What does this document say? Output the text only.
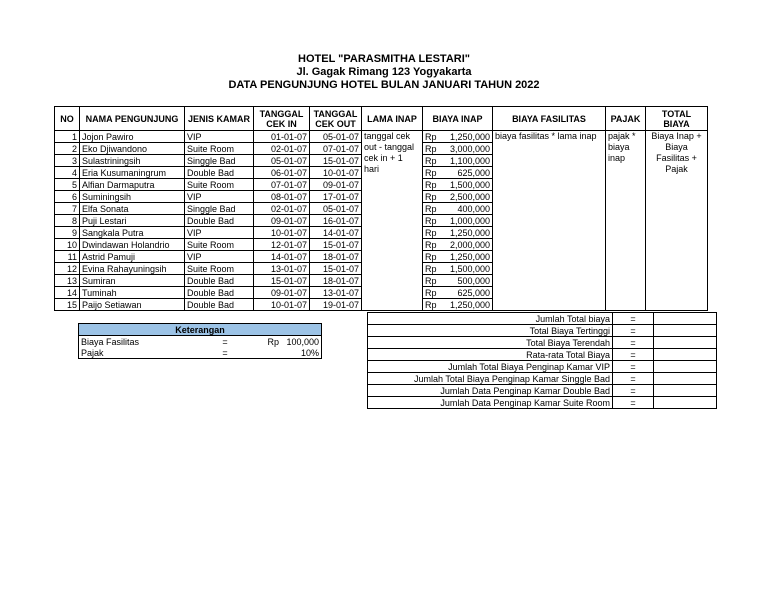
HOTEL "PARASMITHA LESTARI"
Jl. Gagak Rimang 123 Yogyakarta
DATA PENGUNJUNG HOTEL BULAN JANUARI TAHUN 2022
NO	NAMA PENGUNJUNG	JENIS KAMAR	TANGGAL CEK IN	TANGGAL CEK OUT	LAMA INAP	BIAYA INAP		BIAYA FASILITAS	PAJAK	TOTAL BIAYA
1	Jojon Pawiro	VIP	01-01-07	05-01-07	tanggal cek out - tanggal cek in + 1 hari	Rp	1,250,000	biaya fasilitas * lama inap	pajak * biaya inap	Biaya Inap + Biaya Fasilitas + Pajak
2	Eko Djiwandono	Suite Room	02-01-07	07-01-07		Rp	3,000,000			
3	Sulastriningsih	Singgle Bad	05-01-07	15-01-07		Rp	1,100,000			
4	Eria Kusumaningrum	Double Bad	06-01-07	10-01-07		Rp	625,000			
5	Alfian Darmaputra	Suite Room	07-01-07	09-01-07		Rp	1,500,000			
6	Suminingsih	VIP	08-01-07	17-01-07		Rp	2,500,000			
7	Elfa Sonata	Singgle Bad	02-01-07	05-01-07		Rp	400,000			
8	Puji Lestari	Double Bad	09-01-07	16-01-07		Rp	1,000,000			
9	Sangkala Putra	VIP	10-01-07	14-01-07		Rp	1,250,000			
10	Dwindawan Holandrio	Suite Room	12-01-07	15-01-07		Rp	2,000,000			
11	Astrid Pamuji	VIP	14-01-07	18-01-07		Rp	1,250,000			
12	Evina Rahayuningsih	Suite Room	13-01-07	15-01-07		Rp	1,500,000			
13	Sumiran	Double Bad	15-01-07	18-01-07		Rp	500,000			
14	Tuminah	Double Bad	09-01-07	13-01-07		Rp	625,000			
15	Paijo Setiawan	Double Bad	10-01-07	19-01-07		Rp	1,250,000			
Keterangan			
Biaya Fasilitas	=	Rp	100,000
Pajak	=		10%
Jumlah Total biaya	=	
Total Biaya Tertinggi	=	
Total Biaya Terendah	=	
Rata-rata Total Biaya	=	
Jumlah Total Biaya Penginap Kamar VIP	=	
Jumlah Total Biaya Penginap Kamar Singgle Bad	=	
Jumlah Data Penginap Kamar Double Bad	=	
Jumlah Data Penginap Kamar Suite Room	=	
